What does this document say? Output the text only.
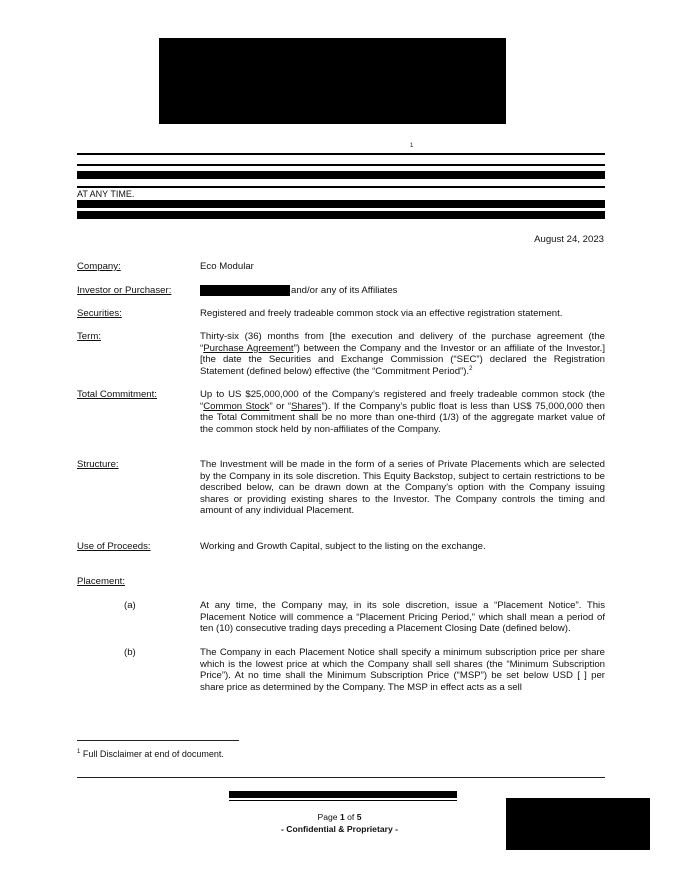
1
AT ANY TIME.
August 24, 2023
Company:	Eco Modular
Investor or Purchaser:	and/or any of its Affiliates
Securities:	Registered and freely tradeable common stock via an effective registration statement.
Term:	Thirty-six (36) months from [the execution and delivery of the purchase agreement (the “Purchase Agreement”) between the Company and the Investor or an affiliate of the Investor.] [the date the Securities and Exchange Commission (“SEC”) declared the Registration Statement (defined below) effective (the “Commitment Period”).$^2$
Total Commitment:	Up to US $25,000,000 of the Company’s registered and freely tradeable common stock (the “Common Stock” or “Shares”). If the Company’s public float is less than US$ 75,000,000 then the Total Commitment shall be no more than one-third (1/3) of the aggregate market value of the common stock held by non-affiliates of the Company.
Structure:	The Investment will be made in the form of a series of Private Placements which are selected by the Company in its sole discretion. This Equity Backstop, subject to certain restrictions to be described below, can be drawn down at the Company’s option with the Company issuing shares or providing existing shares to the Investor. The Company controls the timing and amount of any individual Placement.
Use of Proceeds:	Working and Growth Capital, subject to the listing on the exchange.
Placement:
(a)	At any time, the Company may, in its sole discretion, issue a “Placement Notice”. This Placement Notice will commence a “Placement Pricing Period,” which shall mean a period of ten (10) consecutive trading days preceding a Placement Closing Date (defined below).
(b)	The Company in each Placement Notice shall specify a minimum subscription price per share which is the lowest price at which the Company shall sell shares (the “Minimum Subscription Price”). At no time shall the Minimum Subscription Price (“MSP”) be set below USD [ ] per share price as determined by the Company. The MSP in effect acts as a sell
$^1$ Full Disclaimer at end of document.
Page 1 of 5
- Confidential & Proprietary -
